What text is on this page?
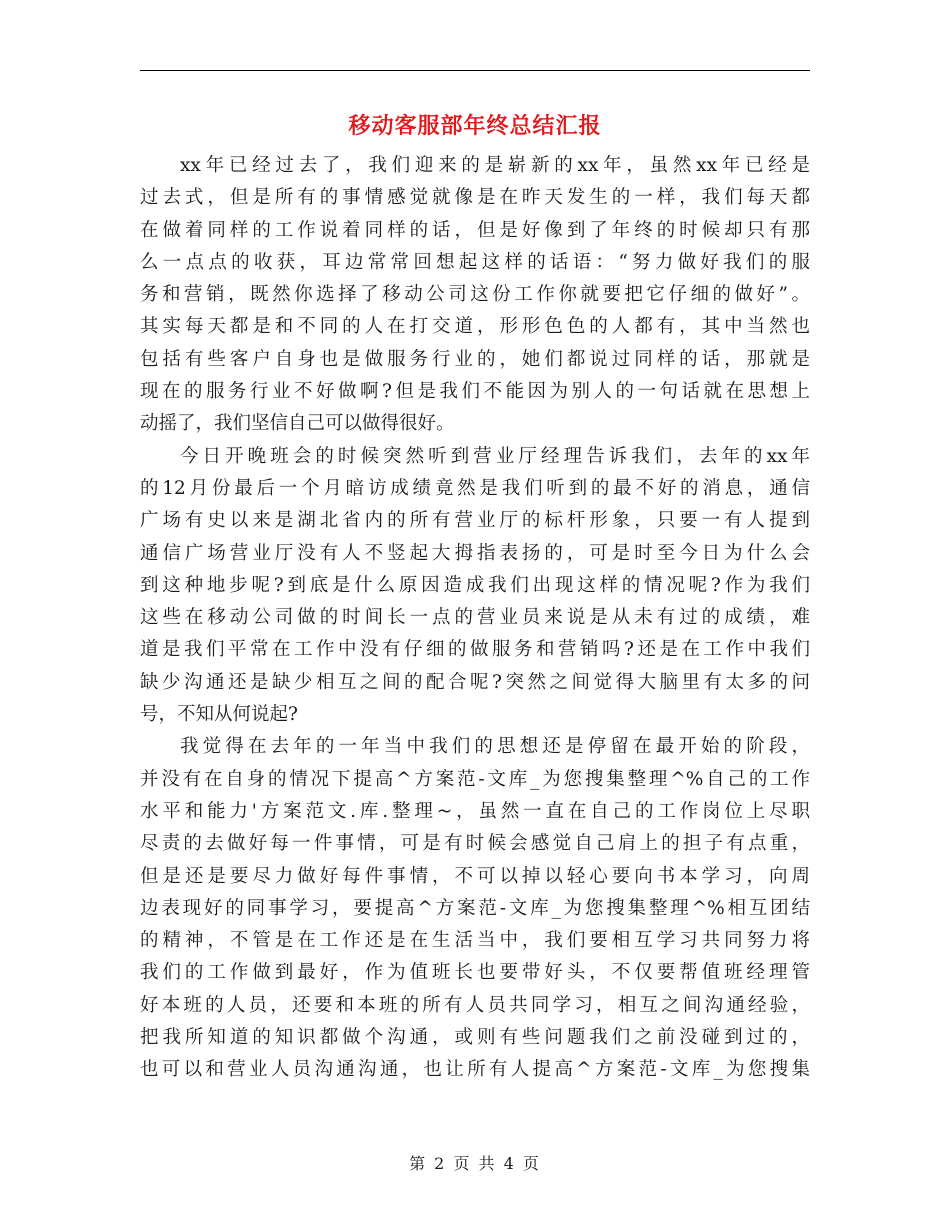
移动客服部年终总结汇报
xx年已经过去了，我们迎来的是崭新的xx年，虽然xx年已经是
过去式，但是所有的事情感觉就像是在昨天发生的一样，我们每天都
在做着同样的工作说着同样的话，但是好像到了年终的时候却只有那
么一点点的收获，耳边常常回想起这样的话语：“努力做好我们的服
务和营销，既然你选择了移动公司这份工作你就要把它仔细的做好”。
其实每天都是和不同的人在打交道，形形色色的人都有，其中当然也
包括有些客户自身也是做服务行业的，她们都说过同样的话，那就是
现在的服务行业不好做啊?但是我们不能因为别人的一句话就在思想上
动摇了，我们坚信自己可以做得很好。
今日开晚班会的时候突然听到营业厅经理告诉我们，去年的xx年
的12月份最后一个月暗访成绩竟然是我们听到的最不好的消息，通信
广场有史以来是湖北省内的所有营业厅的标杆形象，只要一有人提到
通信广场营业厅没有人不竖起大拇指表扬的，可是时至今日为什么会
到这种地步呢?到底是什么原因造成我们出现这样的情况呢?作为我们
这些在移动公司做的时间长一点的营业员来说是从未有过的成绩，难
道是我们平常在工作中没有仔细的做服务和营销吗?还是在工作中我们
缺少沟通还是缺少相互之间的配合呢?突然之间觉得大脑里有太多的问
号，不知从何说起?
我觉得在去年的一年当中我们的思想还是停留在最开始的阶段，
并没有在自身的情况下提高^方案范-文库_为您搜集整理^%自己的工作
水平和能力'方案范文.库.整理~，虽然一直在自己的工作岗位上尽职
尽责的去做好每一件事情，可是有时候会感觉自己肩上的担子有点重，
但是还是要尽力做好每件事情，不可以掉以轻心要向书本学习，向周
边表现好的同事学习，要提高^方案范-文库_为您搜集整理^%相互团结
的精神，不管是在工作还是在生活当中，我们要相互学习共同努力将
我们的工作做到最好，作为值班长也要带好头，不仅要帮值班经理管
好本班的人员，还要和本班的所有人员共同学习，相互之间沟通经验，
把我所知道的知识都做个沟通，或则有些问题我们之前没碰到过的，
也可以和营业人员沟通沟通，也让所有人提高^方案范-文库_为您搜集
第 2 页 共 4 页
